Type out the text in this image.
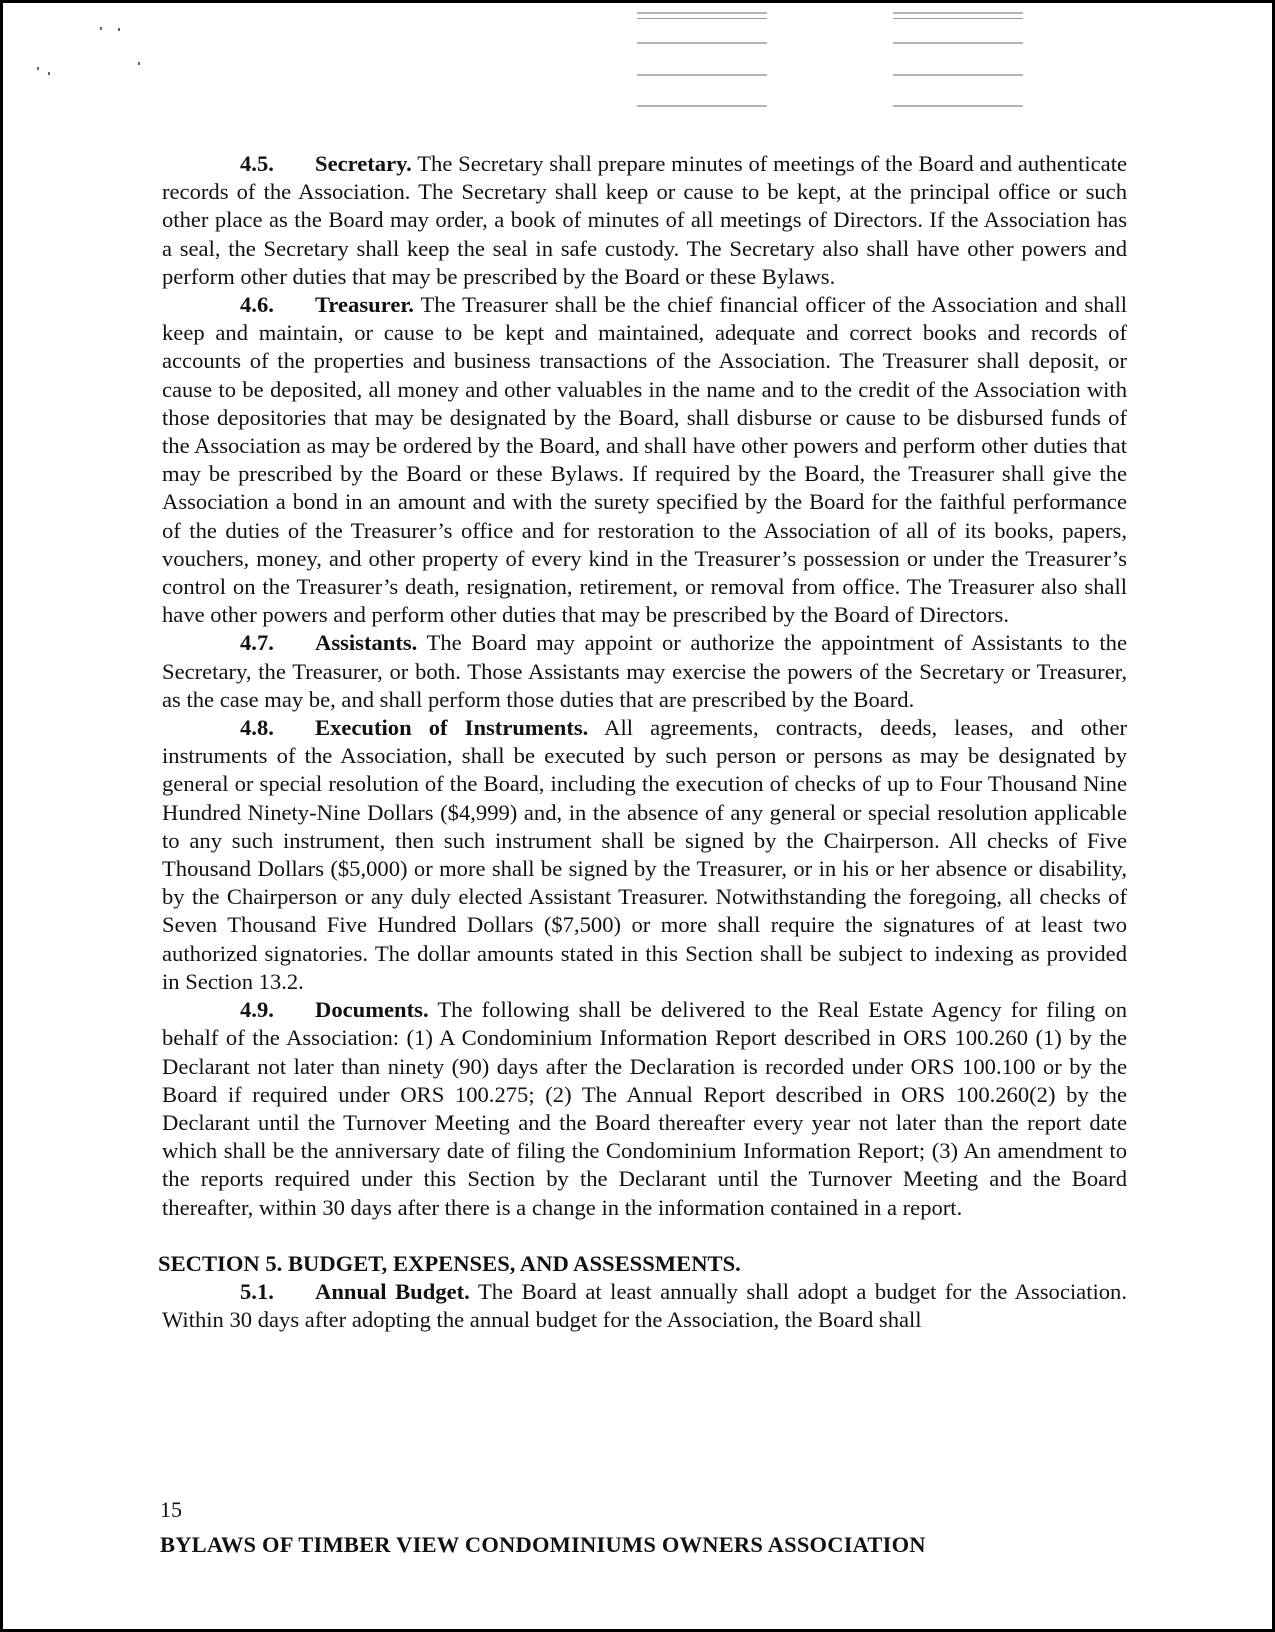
4.5. Secretary. The Secretary shall prepare minutes of meetings of the Board and authenticate records of the Association. The Secretary shall keep or cause to be kept, at the principal office or such other place as the Board may order, a book of minutes of all meetings of Directors. If the Association has a seal, the Secretary shall keep the seal in safe custody. The Secretary also shall have other powers and perform other duties that may be prescribed by the Board or these Bylaws.

4.6. Treasurer. The Treasurer shall be the chief financial officer of the Association and shall keep and maintain, or cause to be kept and maintained, adequate and correct books and records of accounts of the properties and business transactions of the Association. The Treasurer shall deposit, or cause to be deposited, all money and other valuables in the name and to the credit of the Association with those depositories that may be designated by the Board, shall disburse or cause to be disbursed funds of the Association as may be ordered by the Board, and shall have other powers and perform other duties that may be prescribed by the Board or these Bylaws. If required by the Board, the Treasurer shall give the Association a bond in an amount and with the surety specified by the Board for the faithful performance of the duties of the Treasurer’s office and for restoration to the Association of all of its books, papers, vouchers, money, and other property of every kind in the Treasurer’s possession or under the Treasurer’s control on the Treasurer’s death, resignation, retirement, or removal from office. The Treasurer also shall have other powers and perform other duties that may be prescribed by the Board of Directors.

4.7. Assistants. The Board may appoint or authorize the appointment of Assistants to the Secretary, the Treasurer, or both. Those Assistants may exercise the powers of the Secretary or Treasurer, as the case may be, and shall perform those duties that are prescribed by the Board.

4.8. Execution of Instruments. All agreements, contracts, deeds, leases, and other instruments of the Association, shall be executed by such person or persons as may be designated by general or special resolution of the Board, including the execution of checks of up to Four Thousand Nine Hundred Ninety-Nine Dollars ($4,999) and, in the absence of any general or special resolution applicable to any such instrument, then such instrument shall be signed by the Chairperson. All checks of Five Thousand Dollars ($5,000) or more shall be signed by the Treasurer, or in his or her absence or disability, by the Chairperson or any duly elected Assistant Treasurer. Notwithstanding the foregoing, all checks of Seven Thousand Five Hundred Dollars ($7,500) or more shall require the signatures of at least two authorized signatories. The dollar amounts stated in this Section shall be subject to indexing as provided in Section 13.2.

4.9. Documents. The following shall be delivered to the Real Estate Agency for filing on behalf of the Association: (1) A Condominium Information Report described in ORS 100.260 (1) by the Declarant not later than ninety (90) days after the Declaration is recorded under ORS 100.100 or by the Board if required under ORS 100.275; (2) The Annual Report described in ORS 100.260(2) by the Declarant until the Turnover Meeting and the Board thereafter every year not later than the report date which shall be the anniversary date of filing the Condominium Information Report; (3) An amendment to the reports required under this Section by the Declarant until the Turnover Meeting and the Board thereafter, within 30 days after there is a change in the information contained in a report.

SECTION 5. BUDGET, EXPENSES, AND ASSESSMENTS.

5.1. Annual Budget. The Board at least annually shall adopt a budget for the Association. Within 30 days after adopting the annual budget for the Association, the Board shall

15
BYLAWS OF TIMBER VIEW CONDOMINIUMS OWNERS ASSOCIATION
